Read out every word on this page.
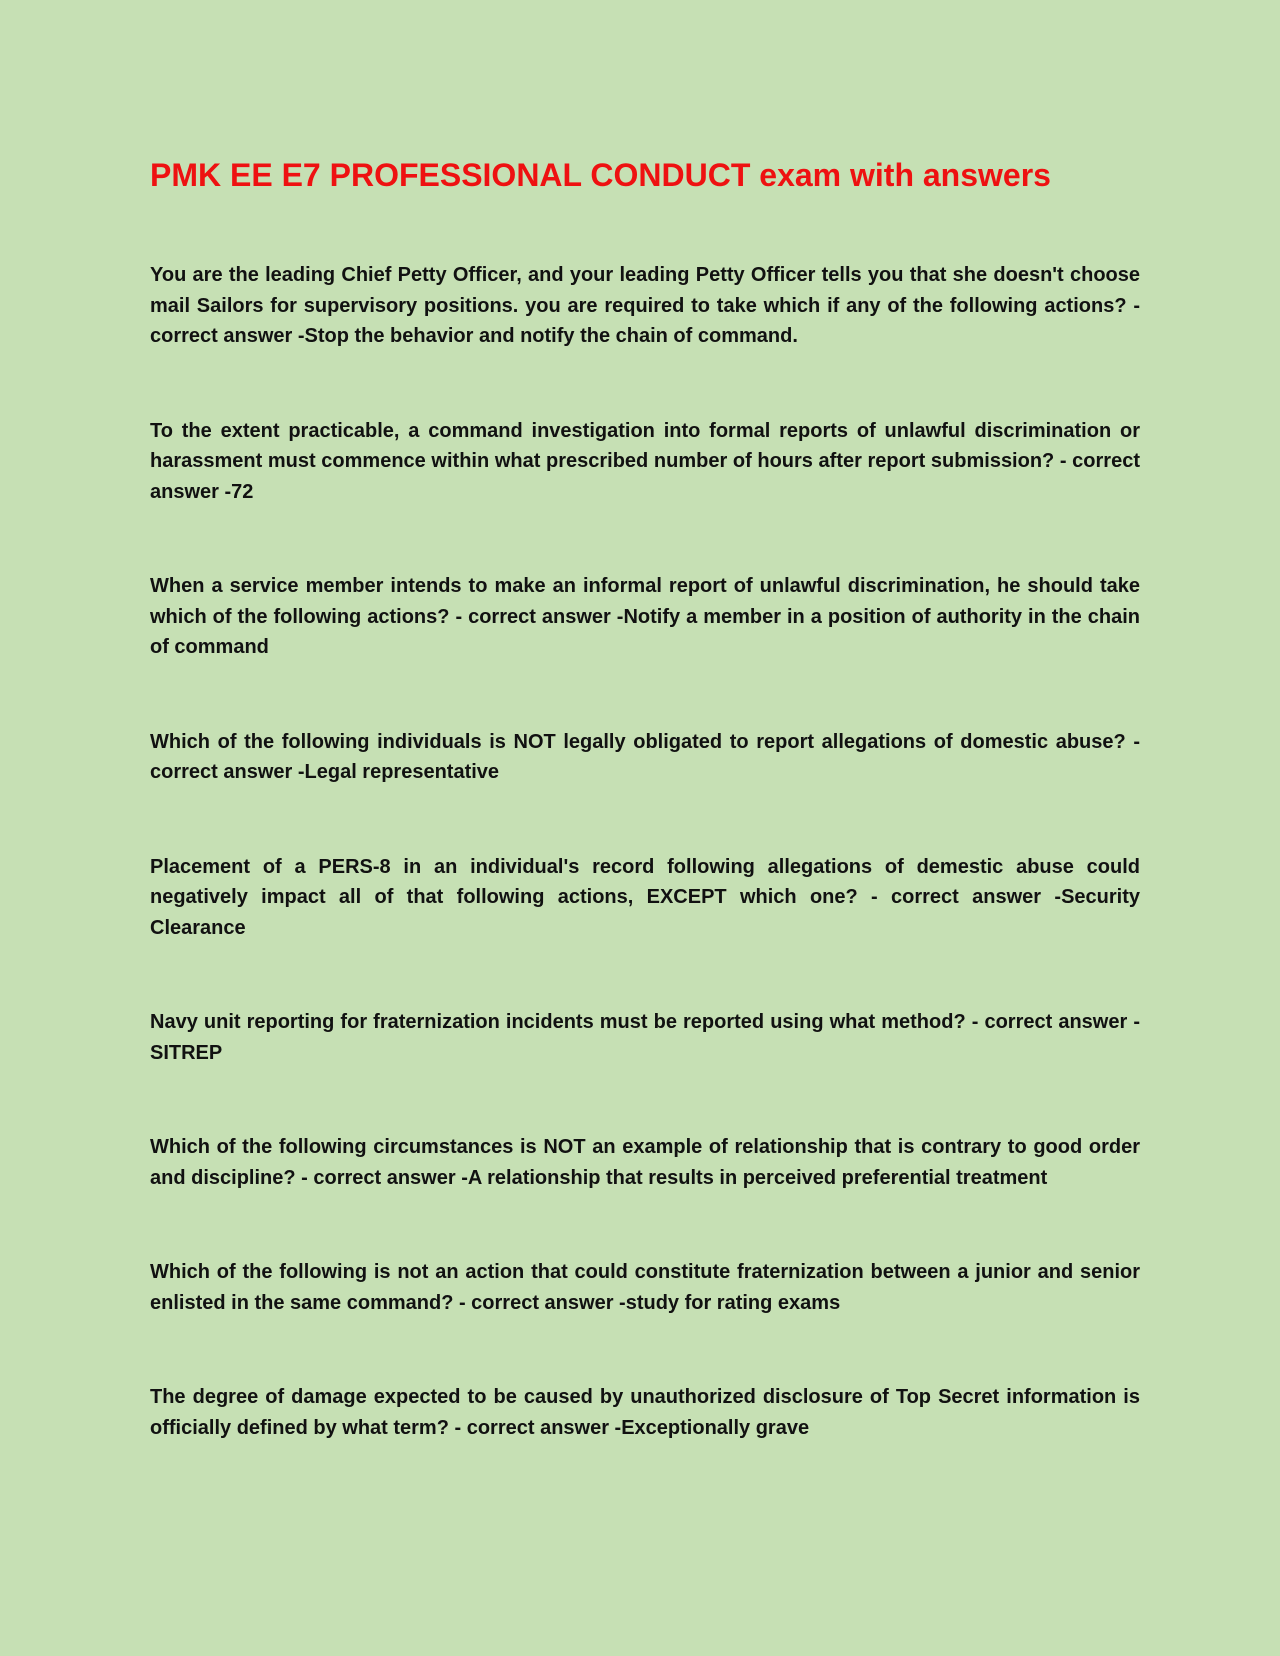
PMK EE E7 PROFESSIONAL CONDUCT exam with answers

You are the leading Chief Petty Officer, and your leading Petty Officer tells you that she doesn't choose mail Sailors for supervisory positions. you are required to take which if any of the following actions? - correct answer -Stop the behavior and notify the chain of command.

To the extent practicable, a command investigation into formal reports of unlawful discrimination or harassment must commence within what prescribed number of hours after report submission? - correct answer -72

When a service member intends to make an informal report of unlawful discrimination, he should take which of the following actions? - correct answer -Notify a member in a position of authority in the chain of command

Which of the following individuals is NOT legally obligated to report allegations of domestic abuse? - correct answer -Legal representative

Placement of a PERS-8 in an individual's record following allegations of demestic abuse could negatively impact all of that following actions, EXCEPT which one? - correct answer -Security Clearance

Navy unit reporting for fraternization incidents must be reported using what method? - correct answer -SITREP

Which of the following circumstances is NOT an example of relationship that is contrary to good order and discipline? - correct answer -A relationship that results in perceived preferential treatment

Which of the following is not an action that could constitute fraternization between a junior and senior enlisted in the same command? - correct answer -study for rating exams

The degree of damage expected to be caused by unauthorized disclosure of Top Secret information is officially defined by what term? - correct answer -Exceptionally grave
